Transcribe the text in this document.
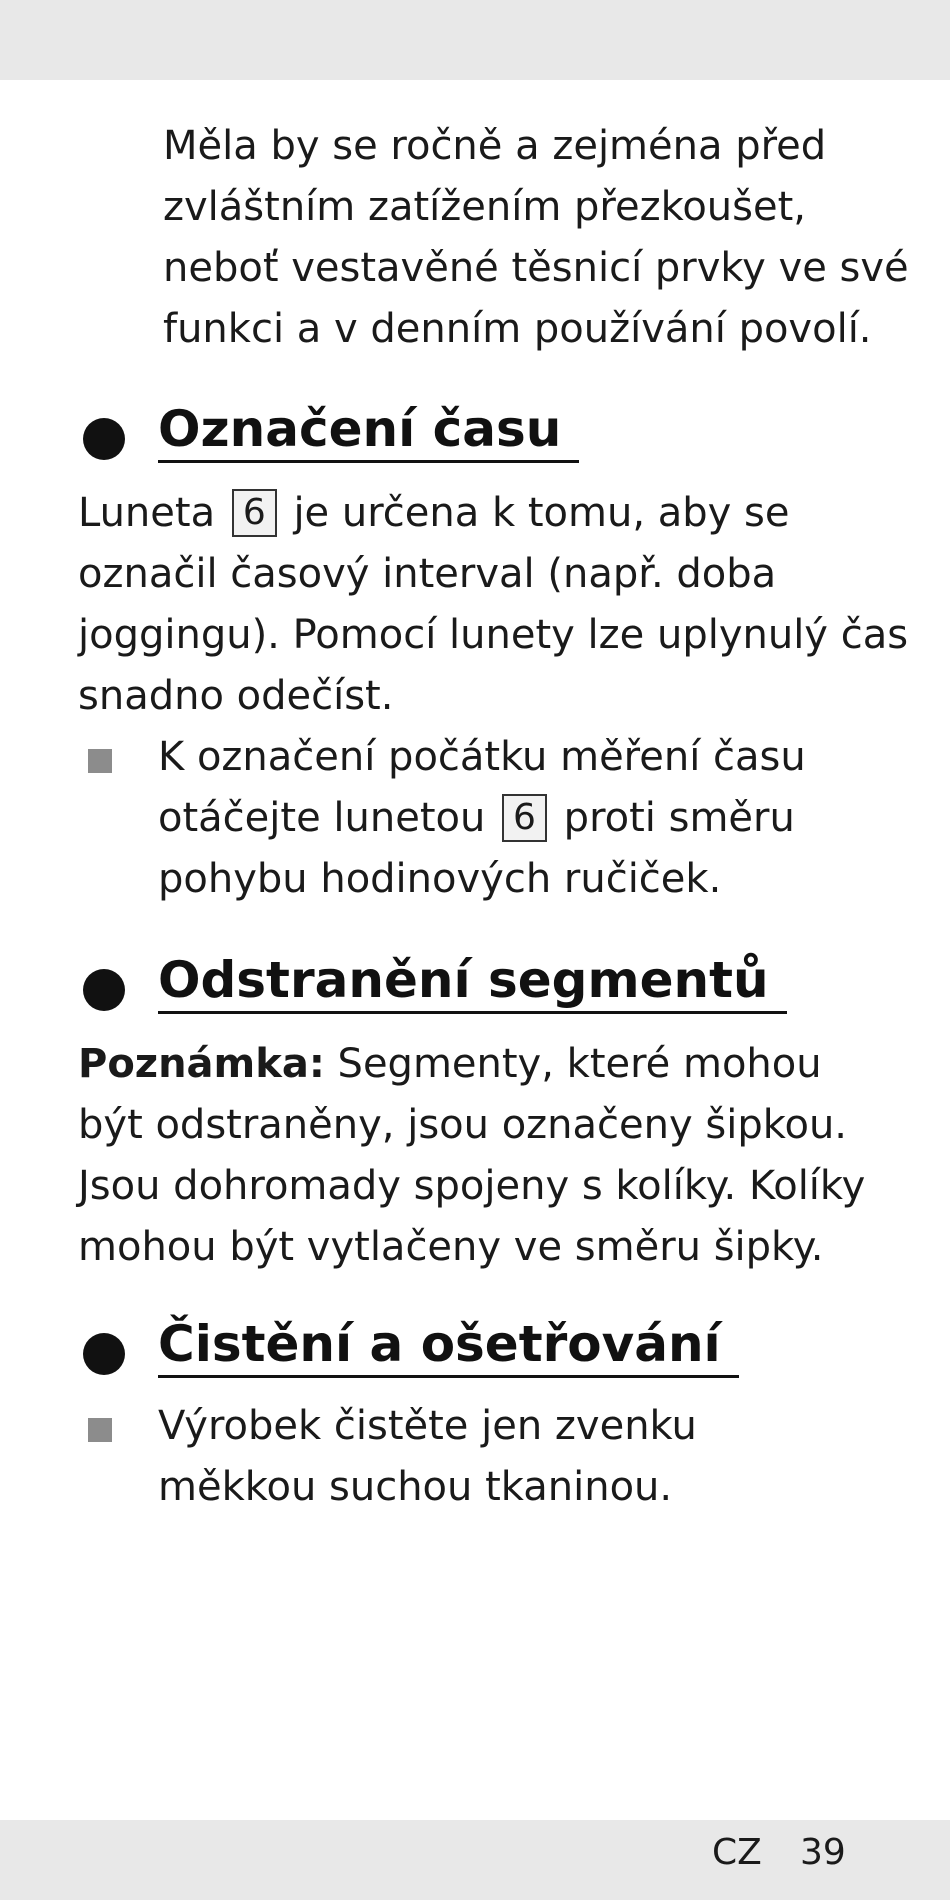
Měla by se ročně a zejména před
zvláštním zatížením přezkoušet,
neboť vestavěné těsnicí prvky ve své
funkci a v denním používání povolí.

Označení času

Luneta 6 je určena k tomu, aby se
označil časový interval (např. doba
joggingu). Pomocí lunety lze uplynulý čas
snadno odečíst.

K označení počátku měření času
otáčejte lunetou 6 proti směru
pohybu hodinových ručiček.
Odstranění segmentů

Poznámka: Segmenty, které mohou
být odstraněny, jsou označeny šipkou.
Jsou dohromady spojeny s kolíky. Kolíky
mohou být vytlačeny ve směru šipky.

Čistění a ošetřování
Výrobek čistěte jen zvenku
měkkou suchou tkaninou.
CZ 39
